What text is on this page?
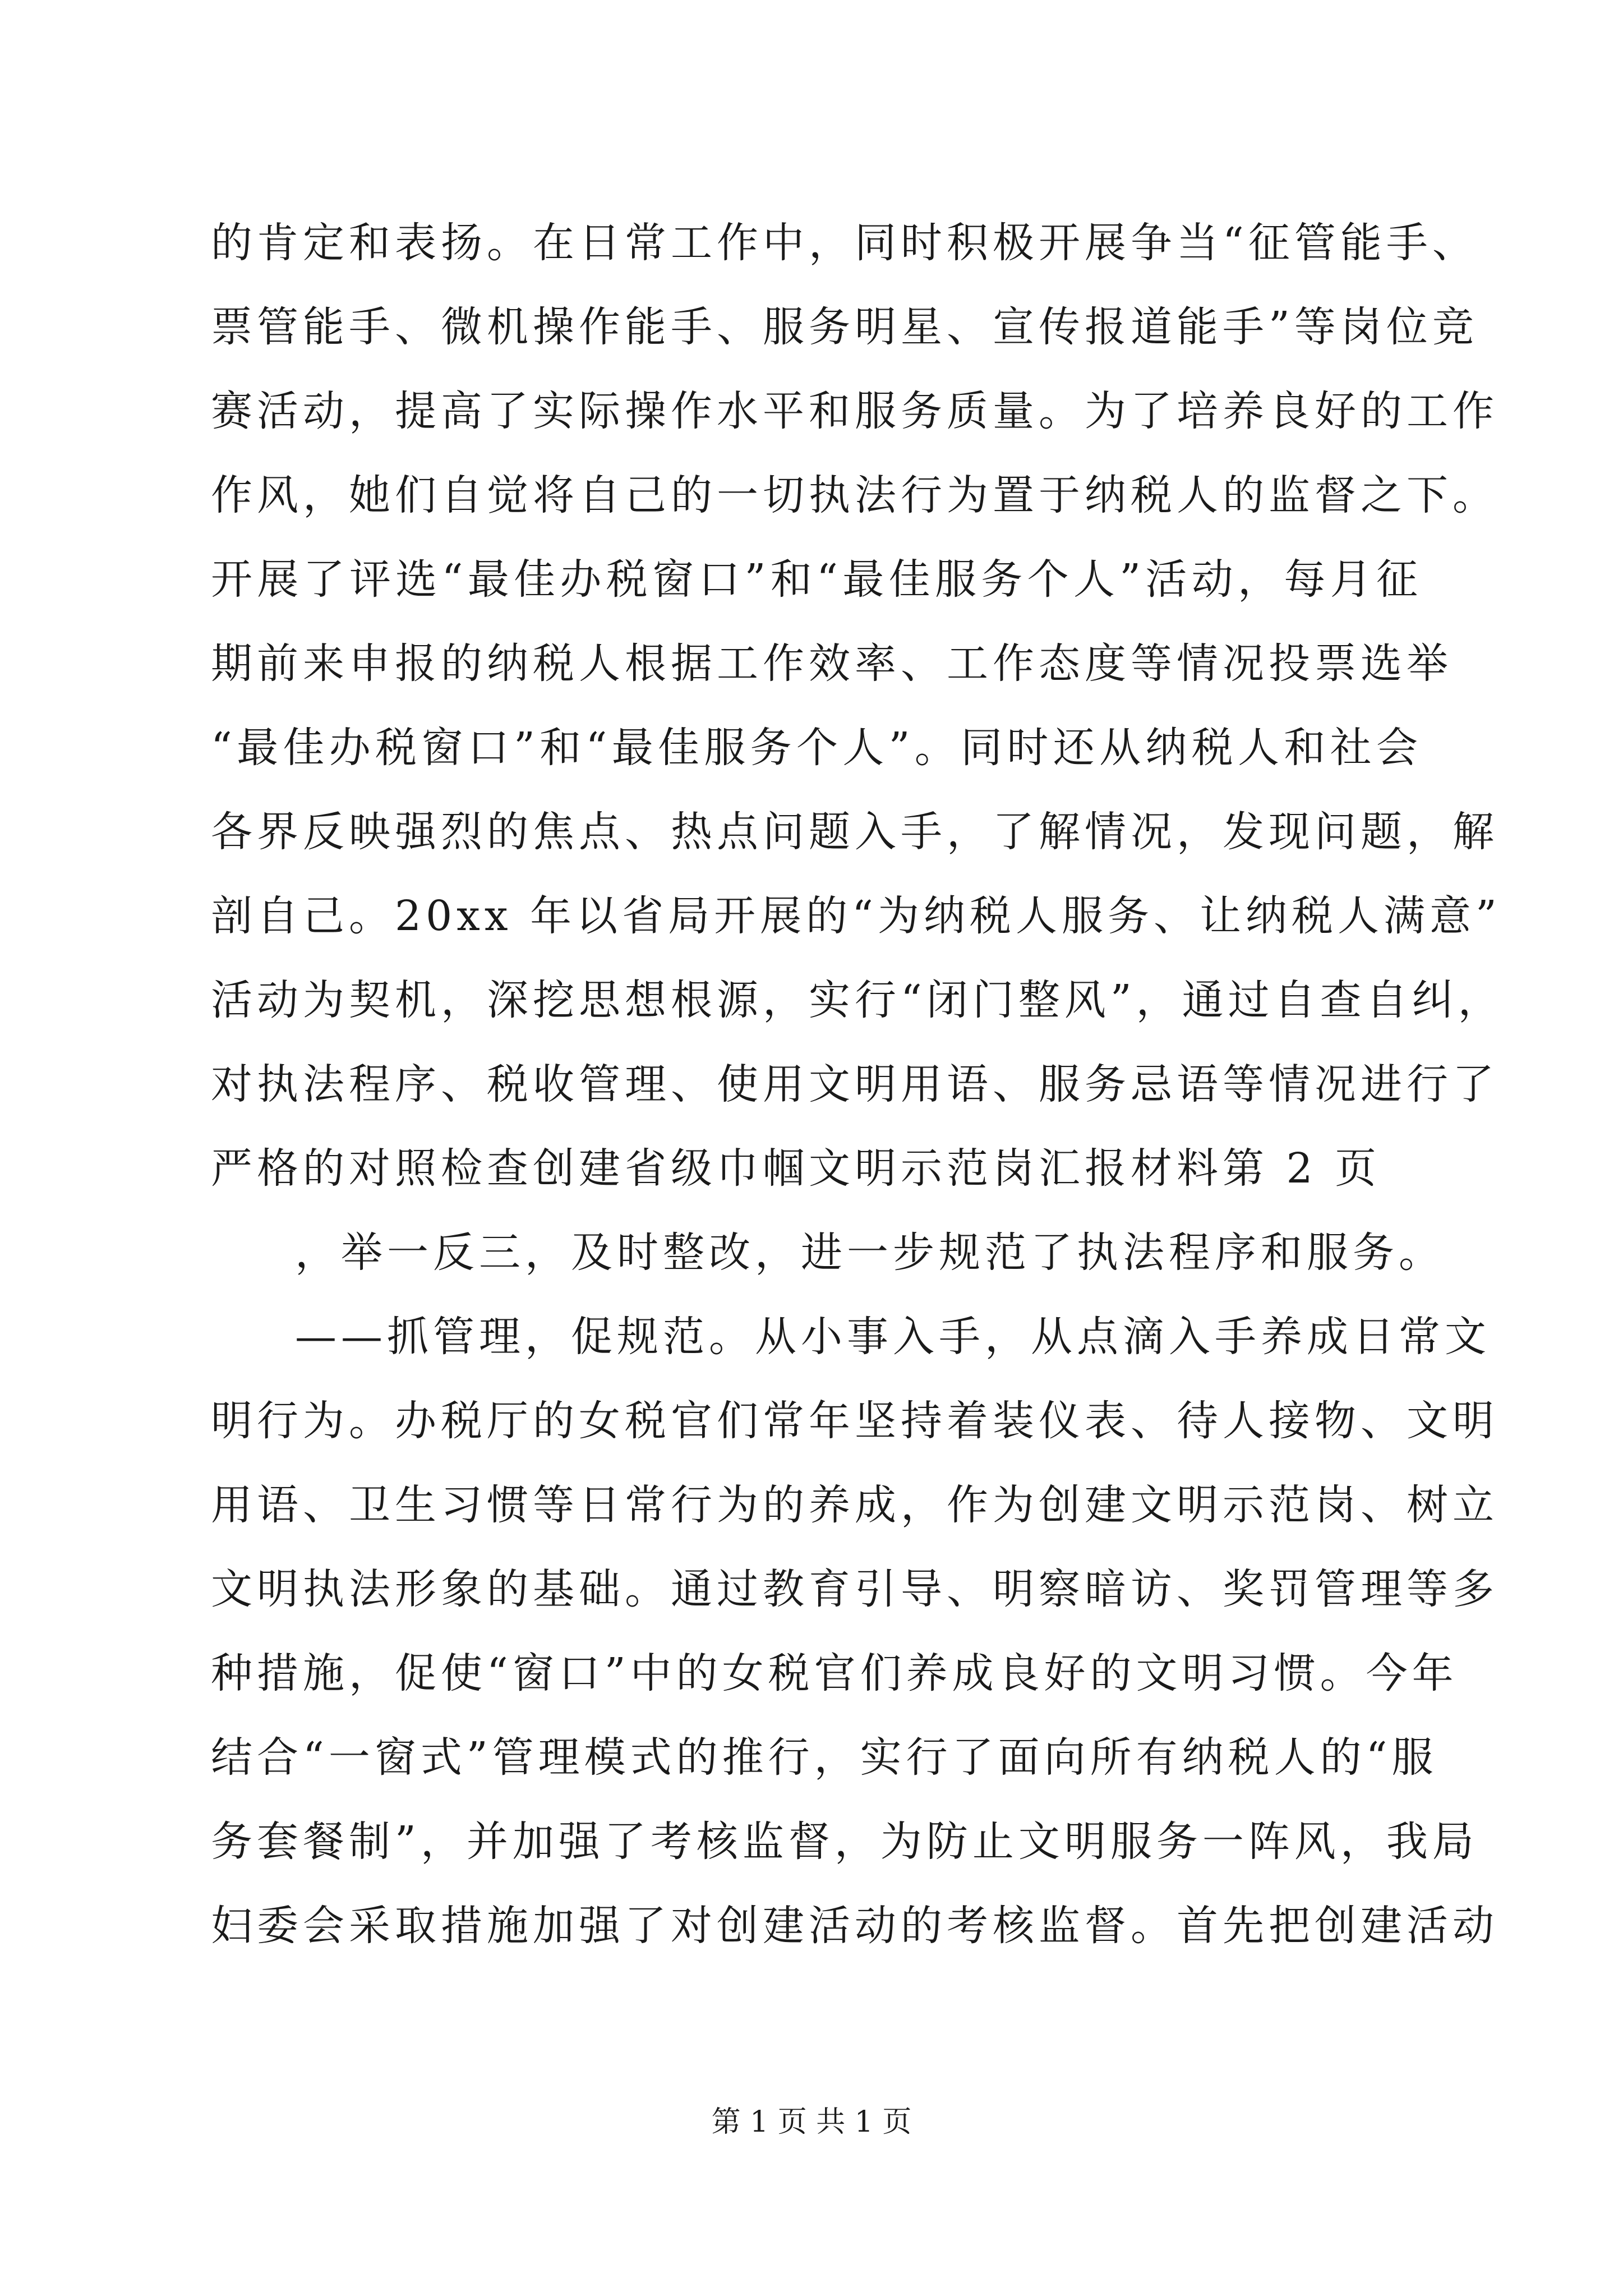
的肯定和表扬。在日常工作中，同时积极开展争当“征管能手、
票管能手、微机操作能手、服务明星、宣传报道能手”等岗位竞
赛活动，提高了实际操作水平和服务质量。为了培养良好的工作
作风，她们自觉将自己的一切执法行为置于纳税人的监督之下。
开展了评选“最佳办税窗口”和“最佳服务个人”活动，每月征
期前来申报的纳税人根据工作效率、工作态度等情况投票选举
“最佳办税窗口”和“最佳服务个人”。同时还从纳税人和社会
各界反映强烈的焦点、热点问题入手，了解情况，发现问题，解
剖自己。20xx 年以省局开展的“为纳税人服务、让纳税人满意”
活动为契机，深挖思想根源，实行“闭门整风”，通过自查自纠，
对执法程序、税收管理、使用文明用语、服务忌语等情况进行了
严格的对照检查创建省级巾帼文明示范岗汇报材料第 2 页
，举一反三，及时整改，进一步规范了执法程序和服务。
——抓管理，促规范。从小事入手，从点滴入手养成日常文
明行为。办税厅的女税官们常年坚持着装仪表、待人接物、文明
用语、卫生习惯等日常行为的养成，作为创建文明示范岗、树立
文明执法形象的基础。通过教育引导、明察暗访、奖罚管理等多
种措施，促使“窗口”中的女税官们养成良好的文明习惯。今年
结合“一窗式”管理模式的推行，实行了面向所有纳税人的“服
务套餐制”，并加强了考核监督，为防止文明服务一阵风，我局
妇委会采取措施加强了对创建活动的考核监督。首先把创建活动
第 1 页 共 1 页
